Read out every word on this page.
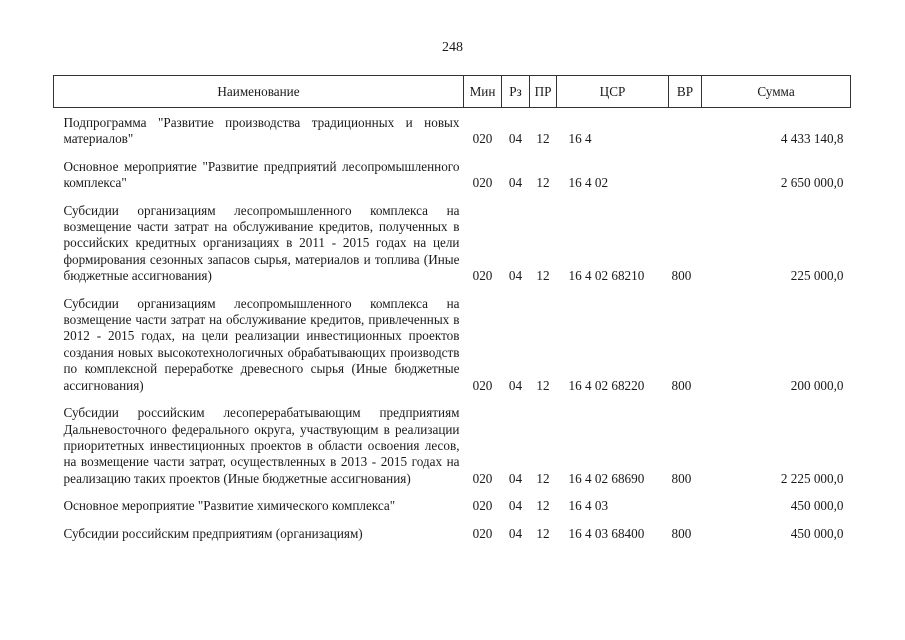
248
Наименование	Мин	Рз	ПР	ЦСР	ВР	Сумма
Подпрограмма "Развитие производства традиционных и новых материалов"	020	04	12	16 4		4 433 140,8
Основное мероприятие "Развитие предприятий лесопромышленного комплекса"	020	04	12	16 4 02		2 650 000,0
Субсидии организациям лесопромышленного комплекса на возмещение части затрат на обслуживание кредитов, полученных в российских кредитных организациях в 2011 - 2015 годах на цели формирования сезонных запасов сырья, материалов и топлива (Иные бюджетные ассигнования)	020	04	12	16 4 02 68210	800	225 000,0
Субсидии организациям лесопромышленного комплекса на возмещение части затрат на обслуживание кредитов, привлеченных в 2012 - 2015 годах, на цели реализации инвестиционных проектов создания новых высокотехнологичных обрабатывающих производств по комплексной переработке древесного сырья (Иные бюджетные ассигнования)	020	04	12	16 4 02 68220	800	200 000,0
Субсидии российским лесоперерабатывающим предприятиям Дальневосточного федерального округа, участвующим в реализации приоритетных инвестиционных проектов в области освоения лесов, на возмещение части затрат, осуществленных в 2013 - 2015 годах на реализацию таких проектов (Иные бюджетные ассигнования)	020	04	12	16 4 02 68690	800	2 225 000,0
Основное мероприятие "Развитие химического комплекса"	020	04	12	16 4 03		450 000,0
Субсидии российским предприятиям (организациям)	020	04	12	16 4 03 68400	800	450 000,0
